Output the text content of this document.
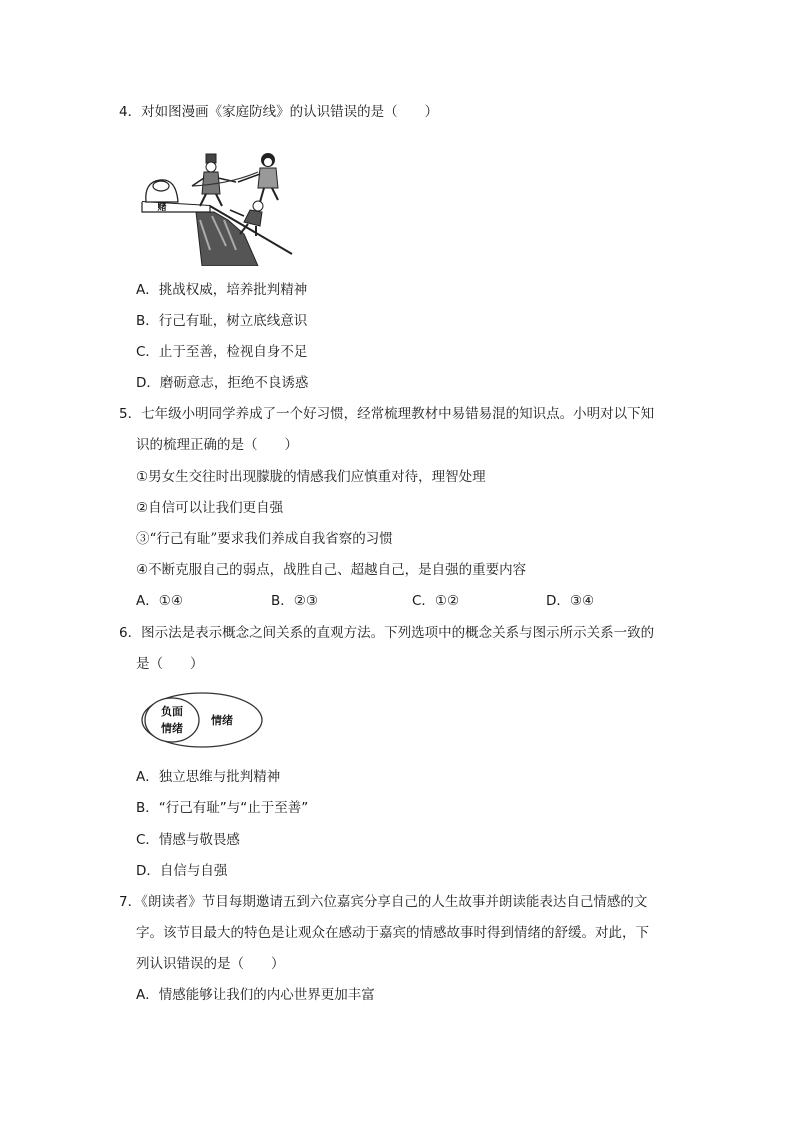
4．对如图漫画《家庭防线》的认识错误的是（　　）
赌
A．挑战权威，培养批判精神
B．行己有耻，树立底线意识
C．止于至善，检视自身不足
D．磨砺意志，拒绝不良诱惑
5．七年级小明同学养成了一个好习惯，经常梳理教材中易错易混的知识点。小明对以下知
识的梳理正确的是（　　）
①男女生交往时出现朦胧的情感我们应慎重对待，理智处理
②自信可以让我们更自强
③“行己有耻”要求我们养成自我省察的习惯
④不断克服自己的弱点，战胜自己、超越自己，是自强的重要内容
A．①④	B．②③	C．①②	D．③④
6．图示法是表示概念之间关系的直观方法。下列选项中的概念关系与图示所示关系一致的
是（　　）
负面
情绪
情绪
A．独立思维与批判精神
B．“行己有耻”与“止于至善”
C．情感与敬畏感
D．自信与自强
7．《朗读者》节目每期邀请五到六位嘉宾分享自己的人生故事并朗读能表达自己情感的文
字。该节目最大的特色是让观众在感动于嘉宾的情感故事时得到情绪的舒缓。对此，下
列认识错误的是（　　）
A．情感能够让我们的内心世界更加丰富
